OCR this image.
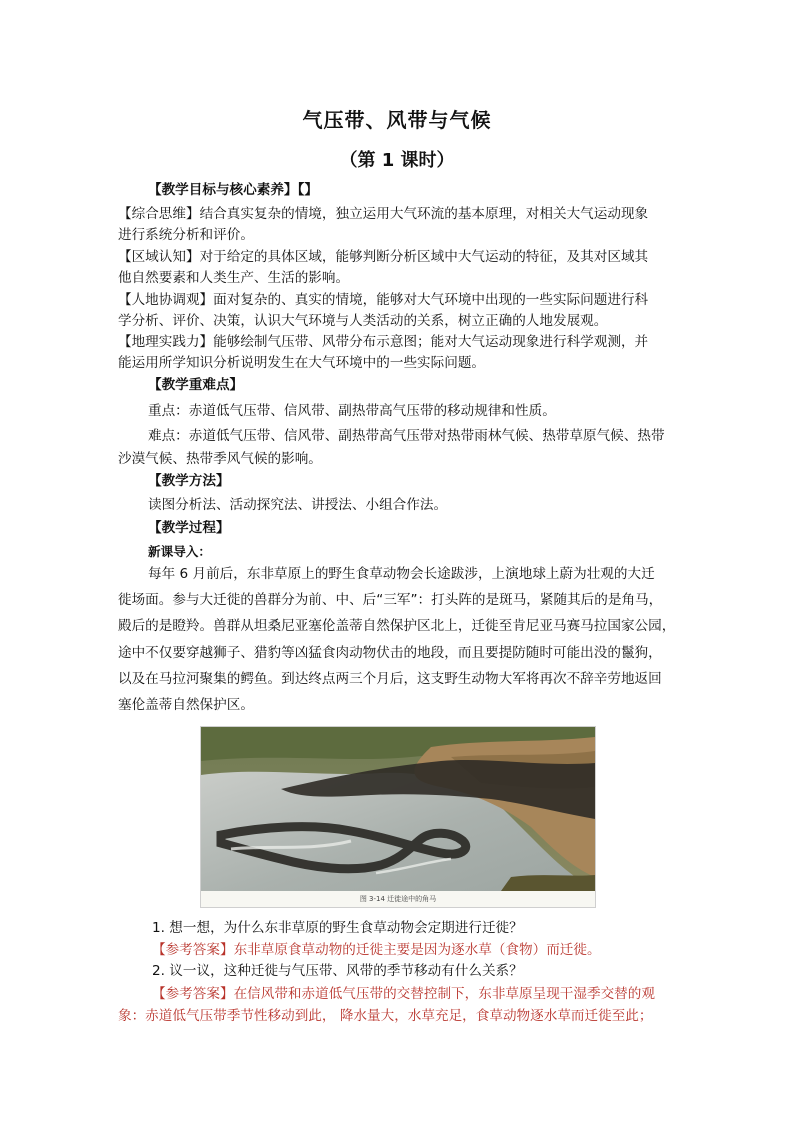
气压带、风带与气候
（第 1 课时）
【教学目标与核心素养】【】
【综合思维】结合真实复杂的情境，独立运用大气环流的基本原理，对相关大气运动现象
进行系统分析和评价。
【区域认知】对于给定的具体区域，能够判断分析区域中大气运动的特征，及其对区域其
他自然要素和人类生产、生活的影响。
【人地协调观】面对复杂的、真实的情境，能够对大气环境中出现的一些实际问题进行科
学分析、评价、决策，认识大气环境与人类活动的关系，树立正确的人地发展观。
【地理实践力】能够绘制气压带、风带分布示意图；能对大气运动现象进行科学观测，并
能运用所学知识分析说明发生在大气环境中的一些实际问题。
【教学重难点】
重点：赤道低气压带、信风带、副热带高气压带的移动规律和性质。
难点：赤道低气压带、信风带、副热带高气压带对热带雨林气候、热带草原气候、热带
沙漠气候、热带季风气候的影响。
【教学方法】
读图分析法、活动探究法、讲授法、小组合作法。
【教学过程】
新课导入：
每年 6 月前后，东非草原上的野生食草动物会长途跋涉，上演地球上蔚为壮观的大迁
徙场面。参与大迁徙的兽群分为前、中、后“三军”：打头阵的是斑马，紧随其后的是角马，
殿后的是瞪羚。兽群从坦桑尼亚塞伦盖蒂自然保护区北上，迁徙至肯尼亚马赛马拉国家公园，
途中不仅要穿越狮子、猎豹等凶猛食肉动物伏击的地段，而且要提防随时可能出没的鬣狗，
以及在马拉河聚集的鳄鱼。到达终点两三个月后，这支野生动物大军将再次不辞辛劳地返回
塞伦盖蒂自然保护区。
图 3-14 迁徙途中的角马
1. 想一想，为什么东非草原的野生食草动物会定期进行迁徙？
【参考答案】东非草原食草动物的迁徙主要是因为逐水草（食物）而迁徙。
2. 议一议，这种迁徙与气压带、风带的季节移动有什么关系？
【参考答案】在信风带和赤道低气压带的交替控制下，东非草原呈现干湿季交替的观
象：赤道低气压带季节性移动到此， 降水量大，水草充足，食草动物逐水草而迁徙至此；
